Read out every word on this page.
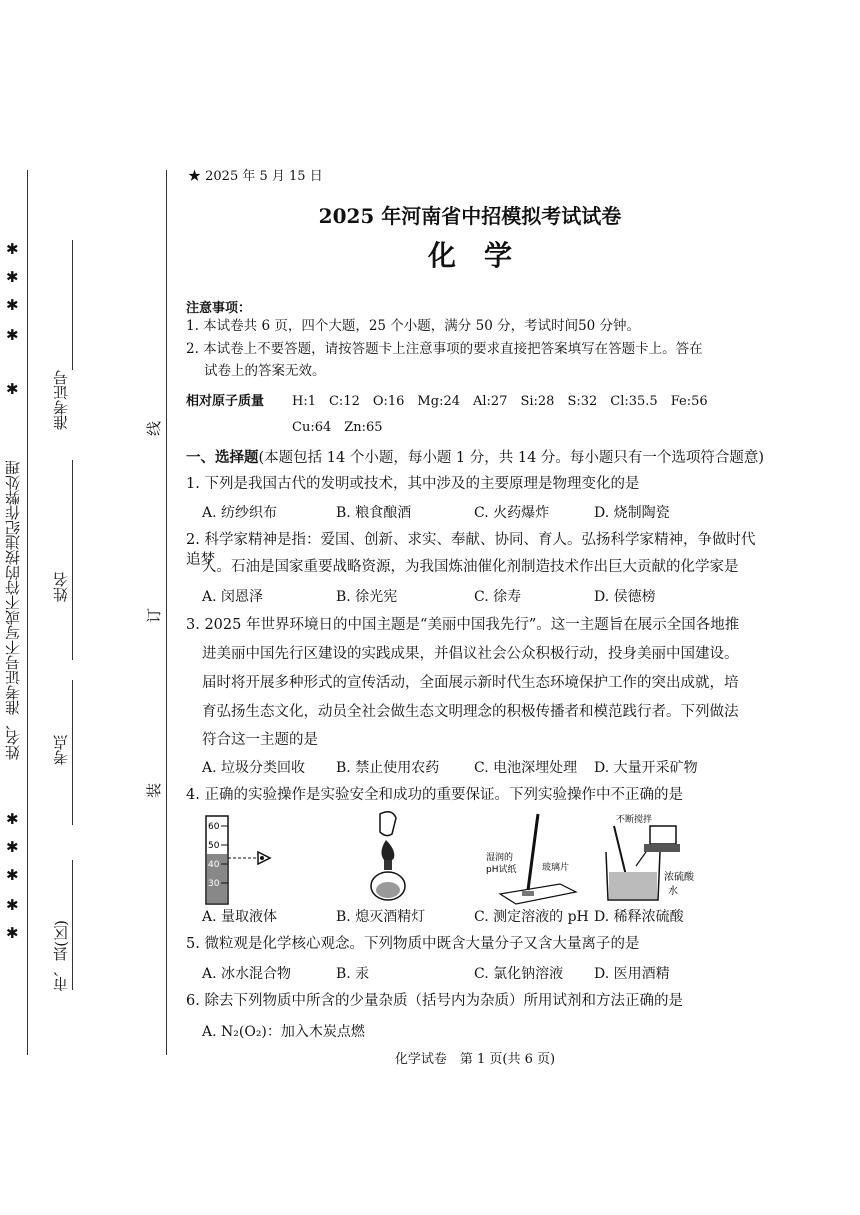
✱
✱
✱
✱
✱
✱
✱
✱
✱
✱
姓名、准考证号不写或不符的按违纪作弊处理
准考证号
姓名
考点
市、县(区)
线
订
装
★ 2025 年 5 月 15 日
2025 年河南省中招模拟考试试卷
化　学
注意事项：
1. 本试卷共 6 页，四个大题，25 个小题，满分 50 分，考试时间50 分钟。
2. 本试卷上不要答题，请按答题卡上注意事项的要求直接把答案填写在答题卡上。答在
试卷上的答案无效。
相对原子质量 H:1　C:12　O:16　Mg:24　Al:27　Si:28　S:32　Cl:35.5　Fe:56
Cu:64　Zn:65
一、选择题(本题包括 14 个小题，每小题 1 分，共 14 分。每小题只有一个选项符合题意)
1. 下列是我国古代的发明或技术，其中涉及的主要原理是物理变化的是
A. 纺纱织布	B. 粮食酿酒	C. 火药爆炸	D. 烧制陶瓷
2. 科学家精神是指：爱国、创新、求实、奉献、协同、育人。弘扬科学家精神，争做时代追梦
人。石油是国家重要战略资源，为我国炼油催化剂制造技术作出巨大贡献的化学家是
A. 闵恩泽	B. 徐光宪	C. 徐寿	D. 侯德榜
3. 2025 年世界环境日的中国主题是“美丽中国我先行”。这一主题旨在展示全国各地推
进美丽中国先行区建设的实践成果，并倡议社会公众积极行动，投身美丽中国建设。
届时将开展多种形式的宣传活动，全面展示新时代生态环境保护工作的突出成就，培
育弘扬生态文化，动员全社会做生态文明理念的积极传播者和模范践行者。下列做法
符合这一主题的是
A. 垃圾分类回收 B. 禁止使用农药 C. 电池深埋处理 D. 大量开采矿物
4. 正确的实验操作是实验安全和成功的重要保证。下列实验操作中不正确的是
60
50
40
30
湿润的
pH试纸	玻璃片
不断搅拌
浓硫酸
水
A. 量取液体	B. 熄灭酒精灯	C. 测定溶液的 pH D. 稀释浓硫酸
5. 微粒观是化学核心观念。下列物质中既含大量分子又含大量离子的是
A. 冰水混合物	B. 汞	C. 氯化钠溶液 D. 医用酒精
6. 除去下列物质中所含的少量杂质（括号内为杂质）所用试剂和方法正确的是
A. N₂(O₂)：加入木炭点燃
化学试卷　第 1 页(共 6 页)
